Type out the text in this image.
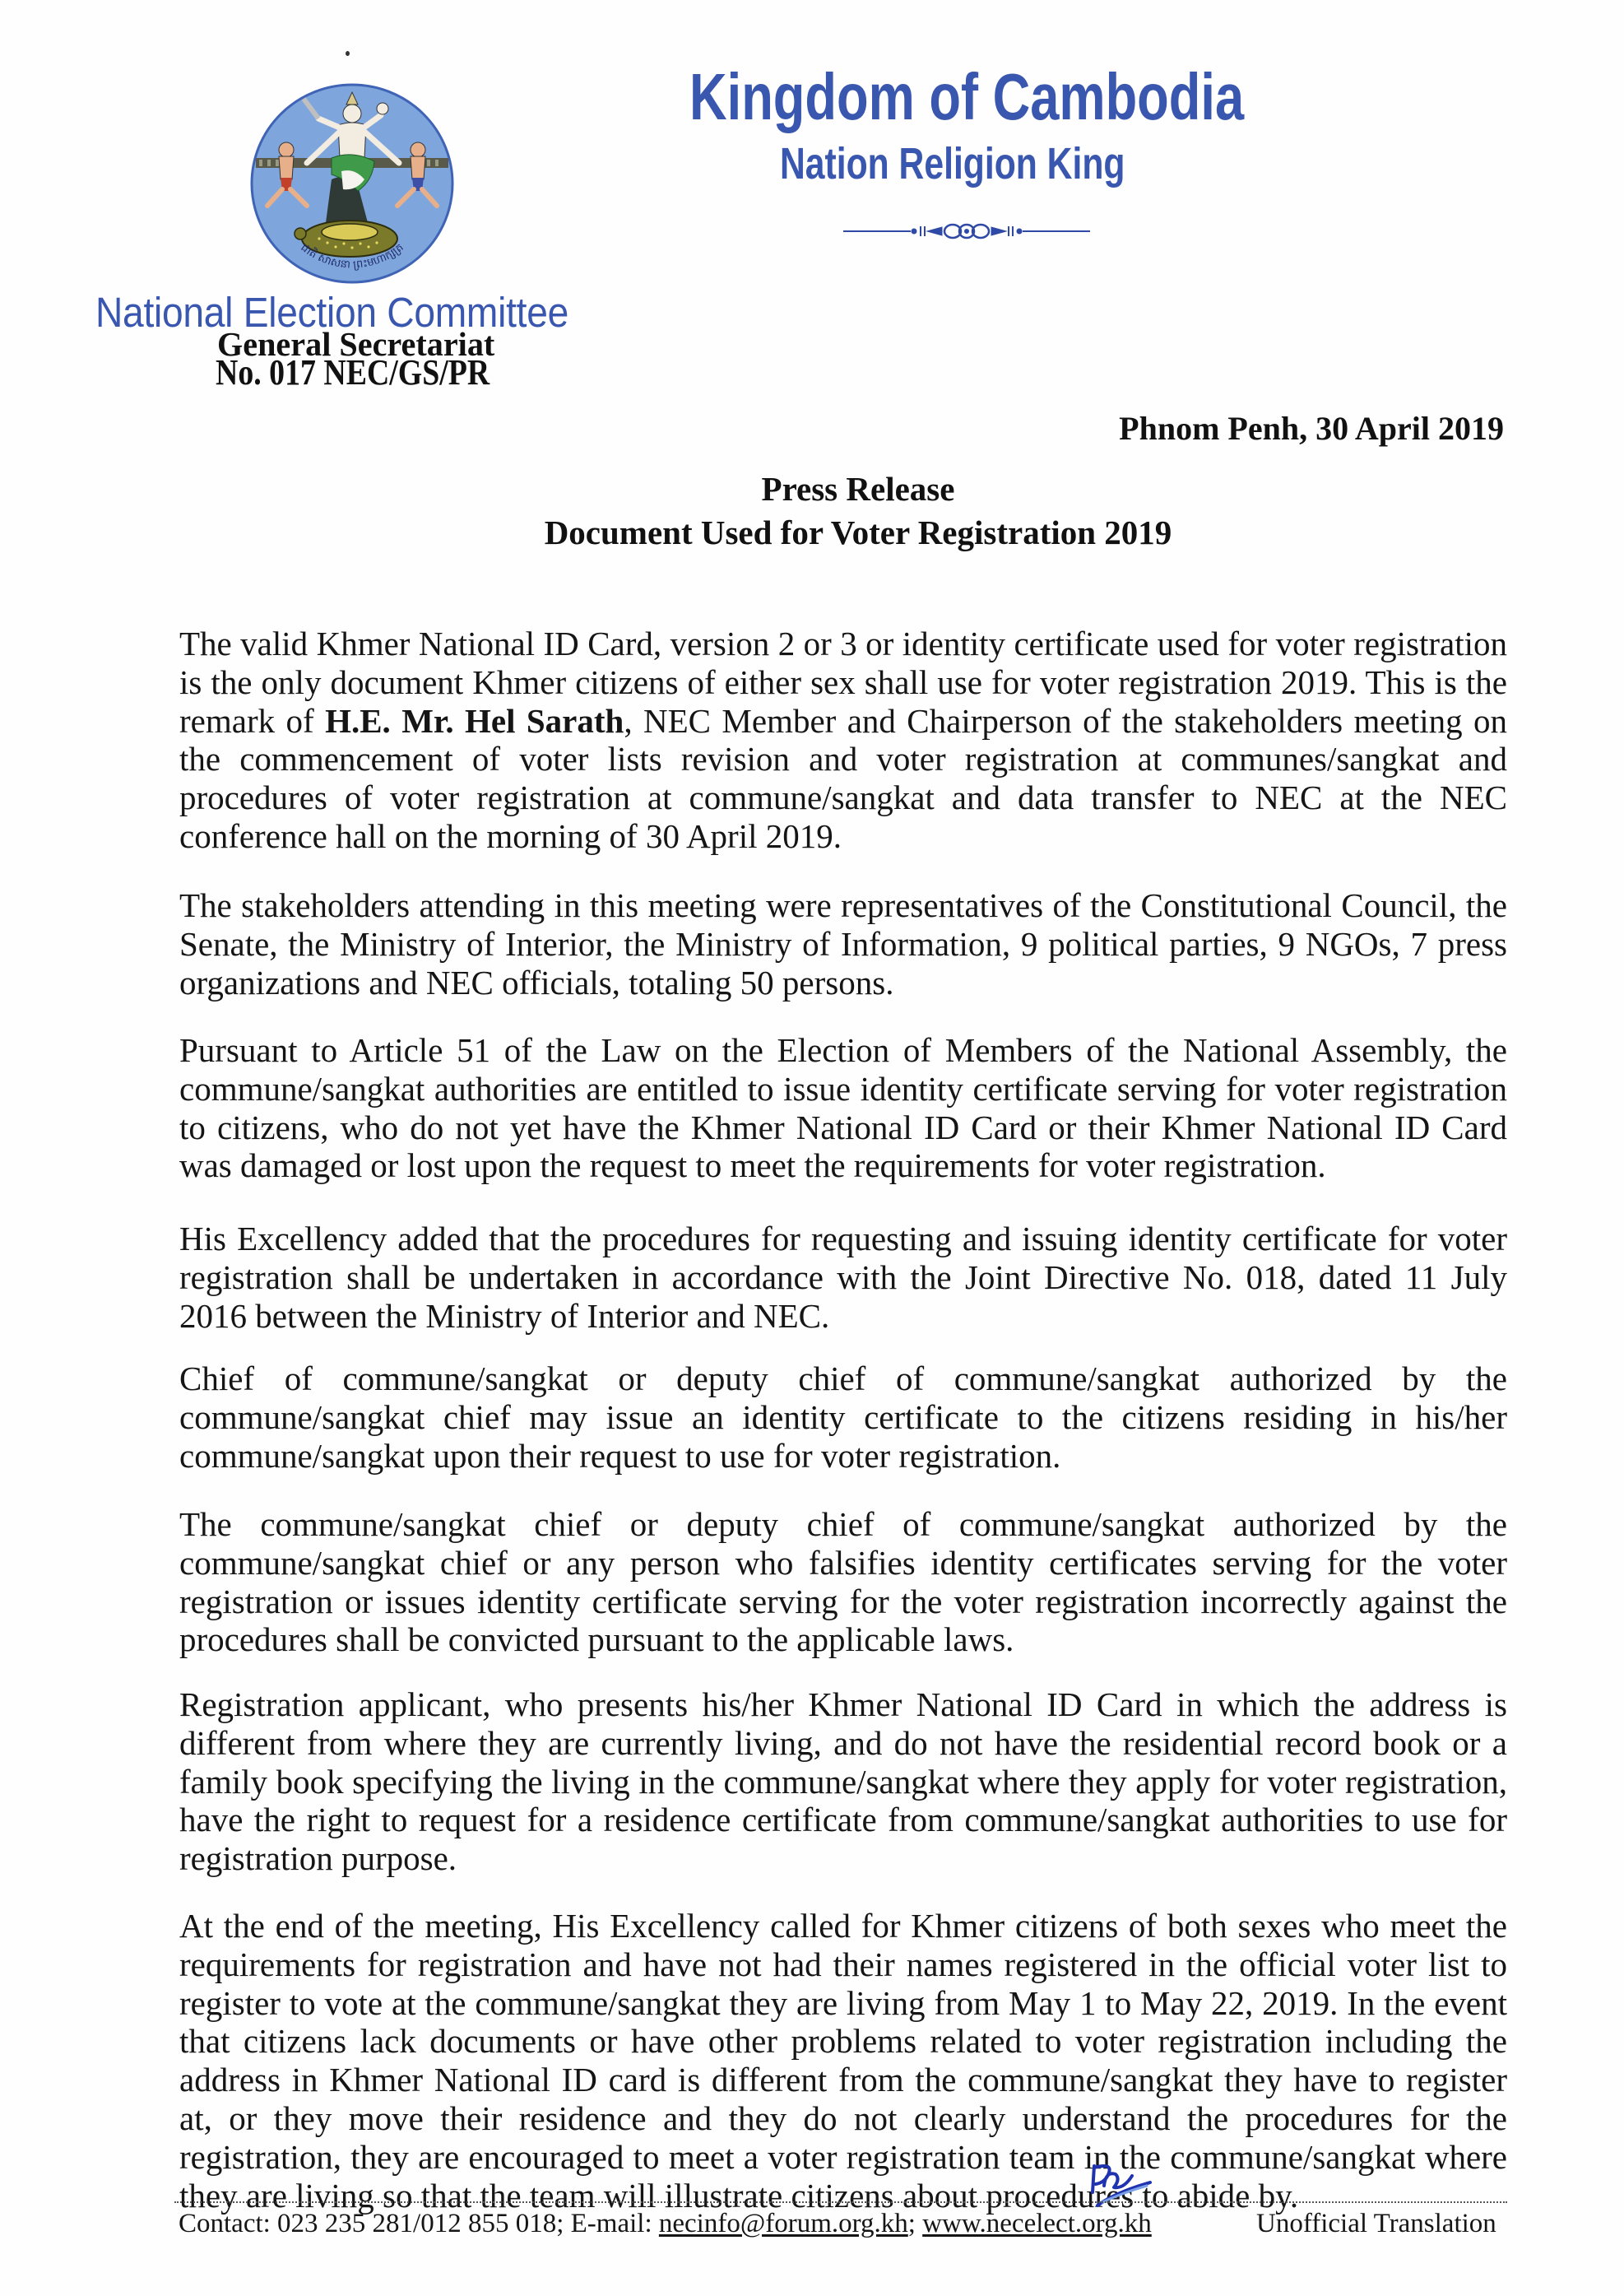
ជាតិ សាសនា ព្រះមហាក្សត្រ
National Election Committee
General Secretariat
No. 017 NEC/GS/PR
Kingdom of Cambodia
Nation Religion King
Phnom Penh, 30 April 2019
Press Release
Document Used for Voter Registration 2019

The valid Khmer National ID Card, version 2 or 3 or identity certificate used for voter registration is the only document Khmer citizens of either sex shall use for voter registration 2019. This is the remark of H.E. Mr. Hel Sarath, NEC Member and Chairperson of the stakeholders meeting on the commencement of voter lists revision and voter registration at communes/sangkat and procedures of voter registration at commune/sangkat and data transfer to NEC at the NEC conference hall on the morning of 30 April 2019.

The stakeholders attending in this meeting were representatives of the Constitutional Council, the Senate, the Ministry of Interior, the Ministry of Information, 9 political parties, 9 NGOs, 7 press organizations and NEC officials, totaling 50 persons.

Pursuant to Article 51 of the Law on the Election of Members of the National Assembly, the commune/sangkat authorities are entitled to issue identity certificate serving for voter registration to citizens, who do not yet have the Khmer National ID Card or their Khmer National ID Card was damaged or lost upon the request to meet the requirements for voter registration.

His Excellency added that the procedures for requesting and issuing identity certificate for voter registration shall be undertaken in accordance with the Joint Directive No. 018, dated 11 July 2016 between the Ministry of Interior and NEC.

Chief of commune/sangkat or deputy chief of commune/sangkat authorized by the commune/sangkat chief may issue an identity certificate to the citizens residing in his/her commune/sangkat upon their request to use for voter registration.

The commune/sangkat chief or deputy chief of commune/sangkat authorized by the commune/sangkat chief or any person who falsifies identity certificates serving for the voter registration or issues identity certificate serving for the voter registration incorrectly against the procedures shall be convicted pursuant to the applicable laws.

Registration applicant, who presents his/her Khmer National ID Card in which the address is different from where they are currently living, and do not have the residential record book or a family book specifying the living in the commune/sangkat where they apply for voter registration, have the right to request for a residence certificate from commune/sangkat authorities to use for registration purpose.

At the end of the meeting, His Excellency called for Khmer citizens of both sexes who meet the requirements for registration and have not had their names registered in the official voter list to register to vote at the commune/sangkat they are living from May 1 to May 22, 2019. In the event that citizens lack documents or have other problems related to voter registration including the address in Khmer National ID card is different from the commune/sangkat they have to register at, or they move their residence and they do not clearly understand the procedures for the registration, they are encouraged to meet a voter registration team in the commune/sangkat where they are living so that the team will illustrate citizens about procedures to abide by.

Contact: 023 235 281/012 855 018; E-mail: necinfo@forum.org.kh; www.necelect.org.kh	Unofficial Translation
